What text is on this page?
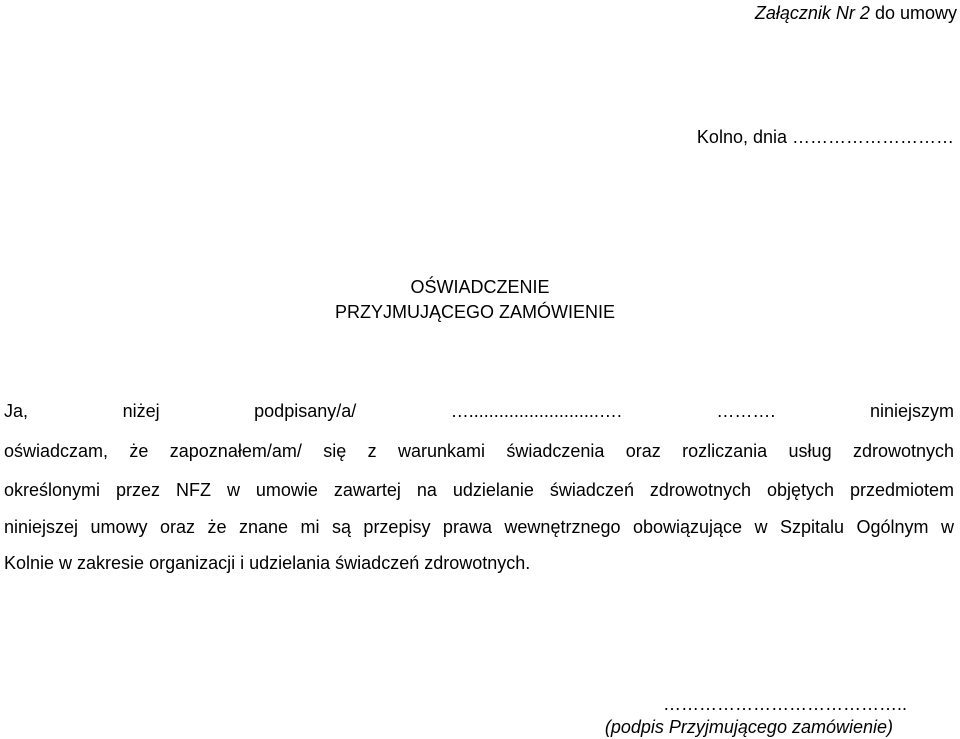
Załącznik Nr 2 do umowy
Kolno, dnia ………………………
OŚWIADCZENIE
PRZYJMUJĄCEGO ZAMÓWIENIE
Ja, niżej podpisany/a/ …..........................…. ………. niniejszym
oświadczam, że zapoznałem/am/ się z warunkami świadczenia oraz rozliczania usług zdrowotnych
określonymi przez NFZ w umowie zawartej na udzielanie świadczeń zdrowotnych objętych przedmiotem
niniejszej umowy oraz że znane mi są przepisy prawa wewnętrznego obowiązujące w Szpitalu Ogólnym w
Kolnie w zakresie organizacji i udzielania świadczeń zdrowotnych.
…………………………………..
(podpis Przyjmującego zamówienie)
